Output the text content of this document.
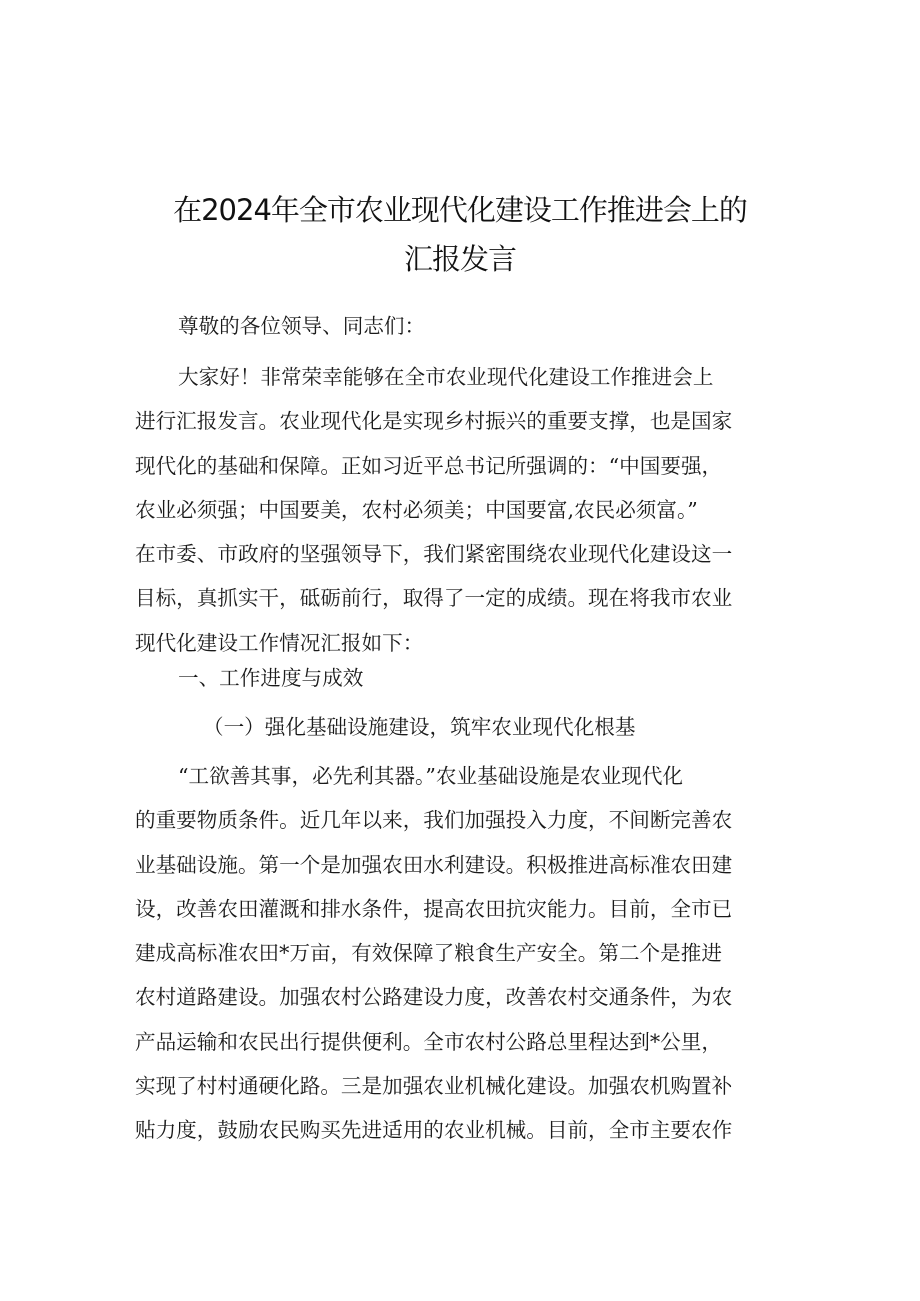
在2024年全市农业现代化建设工作推进会上的
汇报发言
尊敬的各位领导、同志们：
大家好！非常荣幸能够在全市农业现代化建设工作推进会上
进行汇报发言。农业现代化是实现乡村振兴的重要支撑，也是国家
现代化的基础和保障。正如习近平总书记所强调的：“中国要强，
农业必须强；中国要美，农村必须美；中国要富,农民必须富。”
在市委、市政府的坚强领导下，我们紧密围绕农业现代化建设这一
目标，真抓实干，砥砺前行，取得了一定的成绩。现在将我市农业
现代化建设工作情况汇报如下：
一、工作进度与成效
（一）强化基础设施建设，筑牢农业现代化根基
“工欲善其事，必先利其器。”农业基础设施是农业现代化
的重要物质条件。近几年以来，我们加强投入力度，不间断完善农
业基础设施。第一个是加强农田水利建设。积极推进高标准农田建
设，改善农田灌溉和排水条件，提高农田抗灾能力。目前，全市已
建成高标准农田*万亩，有效保障了粮食生产安全。第二个是推进
农村道路建设。加强农村公路建设力度，改善农村交通条件，为农
产品运输和农民出行提供便利。全市农村公路总里程达到*公里，
实现了村村通硬化路。三是加强农业机械化建设。加强农机购置补
贴力度，鼓励农民购买先进适用的农业机械。目前，全市主要农作
